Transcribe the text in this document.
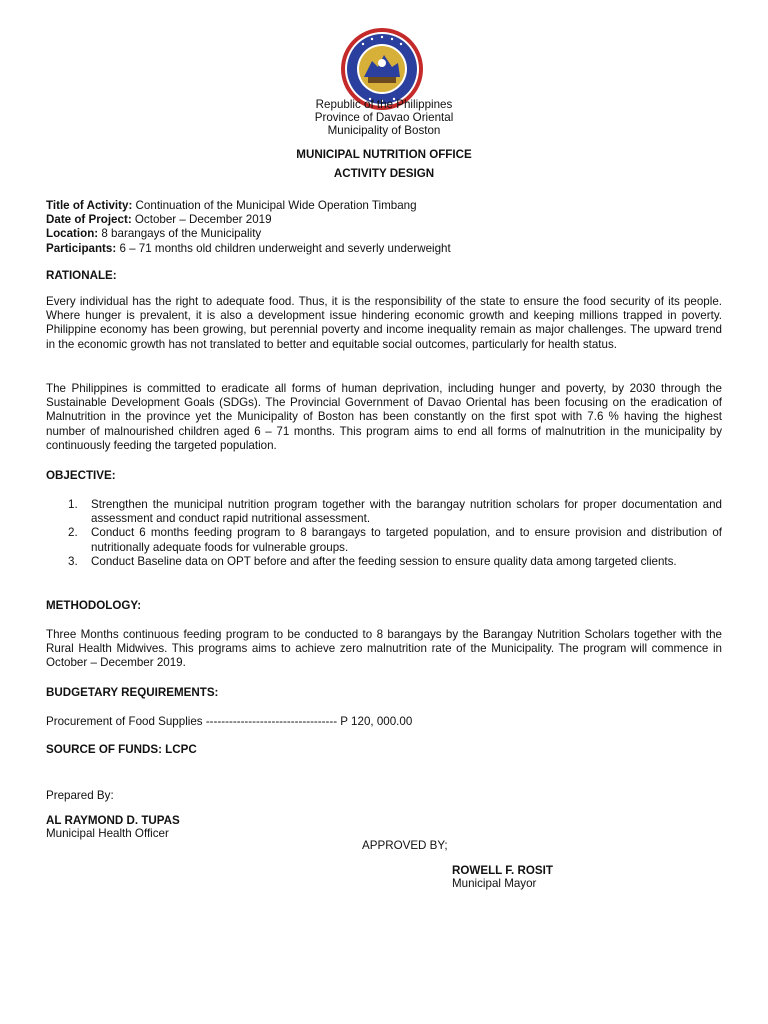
Republic of the Philippines
Province of Davao Oriental
Municipality of Boston
MUNICIPAL NUTRITION OFFICE
ACTIVITY DESIGN
Title of Activity: Continuation of the Municipal Wide Operation Timbang
Date of Project: October – December 2019
Location: 8 barangays of the Municipality
Participants: 6 – 71 months old children underweight and severly underweight
RATIONALE:
Every individual has the right to adequate food. Thus, it is the responsibility of the state to ensure the food security of its people. Where hunger is prevalent, it is also a development issue hindering economic growth and keeping millions trapped in poverty. Philippine economy has been growing, but perennial poverty and income inequality remain as major challenges. The upward trend in the economic growth has not translated to better and equitable social outcomes, particularly for health status.
The Philippines is committed to eradicate all forms of human deprivation, including hunger and poverty, by 2030 through the Sustainable Development Goals (SDGs). The Provincial Government of Davao Oriental has been focusing on the eradication of Malnutrition in the province yet the Municipality of Boston has been constantly on the first spot with 7.6 % having the highest number of malnourished children aged 6 – 71 months. This program aims to end all forms of malnutrition in the municipality by continuously feeding the targeted population.
OBJECTIVE:
1. Strengthen the municipal nutrition program together with the barangay nutrition scholars for proper documentation and assessment and conduct rapid nutritional assessment.
2. Conduct 6 months feeding program to 8 barangays to targeted population, and to ensure provision and distribution of nutritionally adequate foods for vulnerable groups.
3. Conduct Baseline data on OPT before and after the feeding session to ensure quality data among targeted clients.
METHODOLOGY:
Three Months continuous feeding program to be conducted to 8 barangays by the Barangay Nutrition Scholars together with the Rural Health Midwives. This programs aims to achieve zero malnutrition rate of the Municipality. The program will commence in October – December 2019.
BUDGETARY REQUIREMENTS:
Procurement of Food Supplies ---------------------------------- P 120, 000.00
SOURCE OF FUNDS: LCPC
Prepared By:
AL RAYMOND D. TUPAS
Municipal Health Officer
APPROVED BY;
ROWELL F. ROSIT
Municipal Mayor
